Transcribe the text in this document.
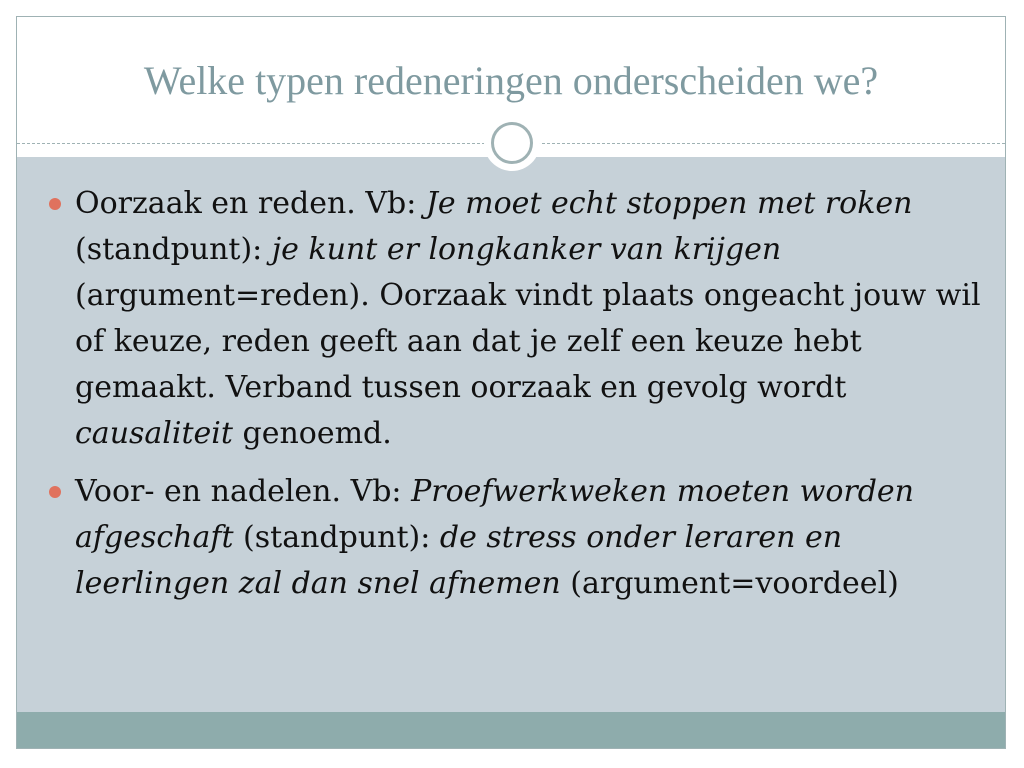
Welke typen redeneringen onderscheiden we?
Oorzaak en reden. Vb: Je moet echt stoppen met roken (standpunt): je kunt er longkanker van krijgen (argument=reden). Oorzaak vindt plaats ongeacht jouw wil of keuze, reden geeft aan dat je zelf een keuze hebt gemaakt. Verband tussen oorzaak en gevolg wordt causaliteit genoemd.
Voor- en nadelen. Vb: Proefwerkweken moeten worden afgeschaft (standpunt): de stress onder leraren en leerlingen zal dan snel afnemen (argument=voordeel)
